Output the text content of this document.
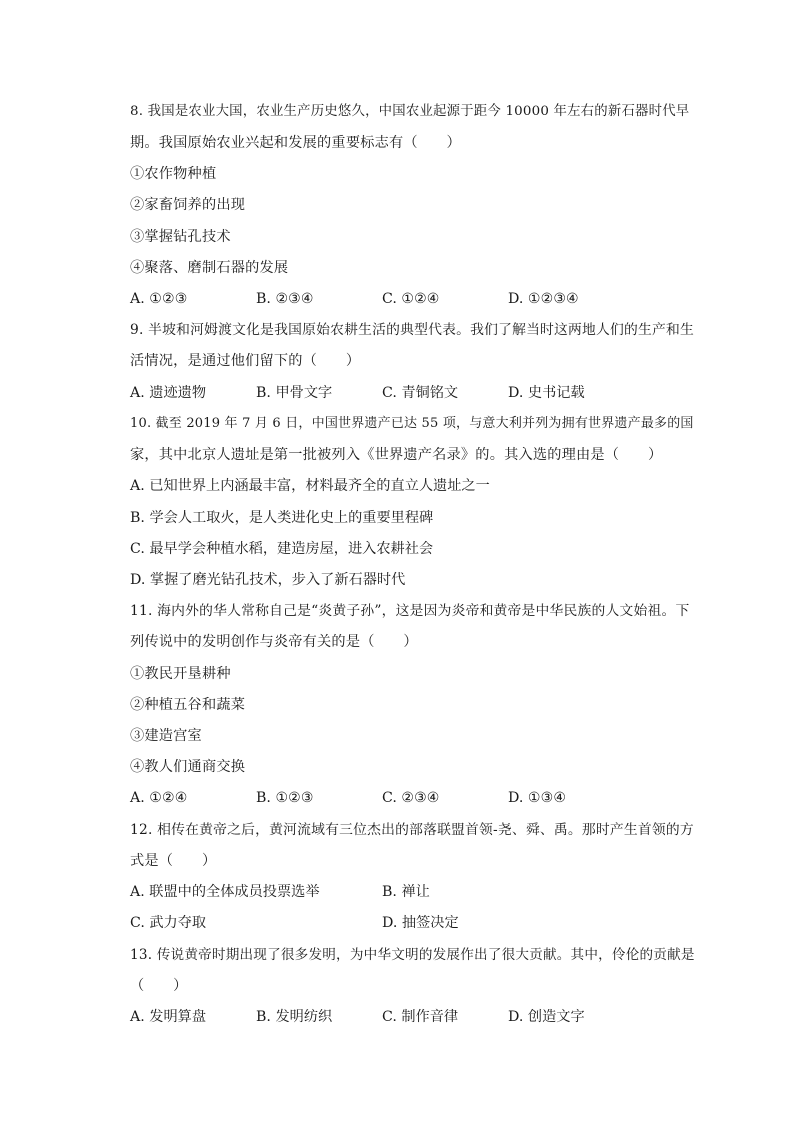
8. 我国是农业大国，农业生产历史悠久，中国农业起源于距今 10000 年左右的新石器时代早
期。我国原始农业兴起和发展的重要标志有（　　）
①农作物种植
②家畜饲养的出现
③掌握钻孔技术
④聚落、磨制石器的发展
A. ①②③	B. ②③④	C. ①②④	D. ①②③④
9. 半坡和河姆渡文化是我国原始农耕生活的典型代表。我们了解当时这两地人们的生产和生
活情况，是通过他们留下的（　　）
A. 遗迹遗物	B. 甲骨文字	C. 青铜铭文	D. 史书记载
10. 截至 2019 年 7 月 6 日，中国世界遗产已达 55 项，与意大利并列为拥有世界遗产最多的国
家，其中北京人遗址是第一批被列入《世界遗产名录》的。其入选的理由是（　　）
A. 已知世界上内涵最丰富，材料最齐全的直立人遗址之一
B. 学会人工取火，是人类进化史上的重要里程碑
C. 最早学会种植水稻，建造房屋，进入农耕社会
D. 掌握了磨光钻孔技术，步入了新石器时代
11. 海内外的华人常称自己是“炎黄子孙”，这是因为炎帝和黄帝是中华民族的人文始祖。下
列传说中的发明创作与炎帝有关的是（　　）
①教民开垦耕种
②种植五谷和蔬菜
③建造宫室
④教人们通商交换
A. ①②④	B. ①②③	C. ②③④	D. ①③④
12. 相传在黄帝之后，黄河流域有三位杰出的部落联盟首领-尧、舜、禹。那时产生首领的方
式是（　　）
A. 联盟中的全体成员投票选举	B. 禅让
C. 武力夺取	D. 抽签决定
13. 传说黄帝时期出现了很多发明，为中华文明的发展作出了很大贡献。其中，伶伦的贡献是
（　　）
A. 发明算盘	B. 发明纺织	C. 制作音律	D. 创造文字
